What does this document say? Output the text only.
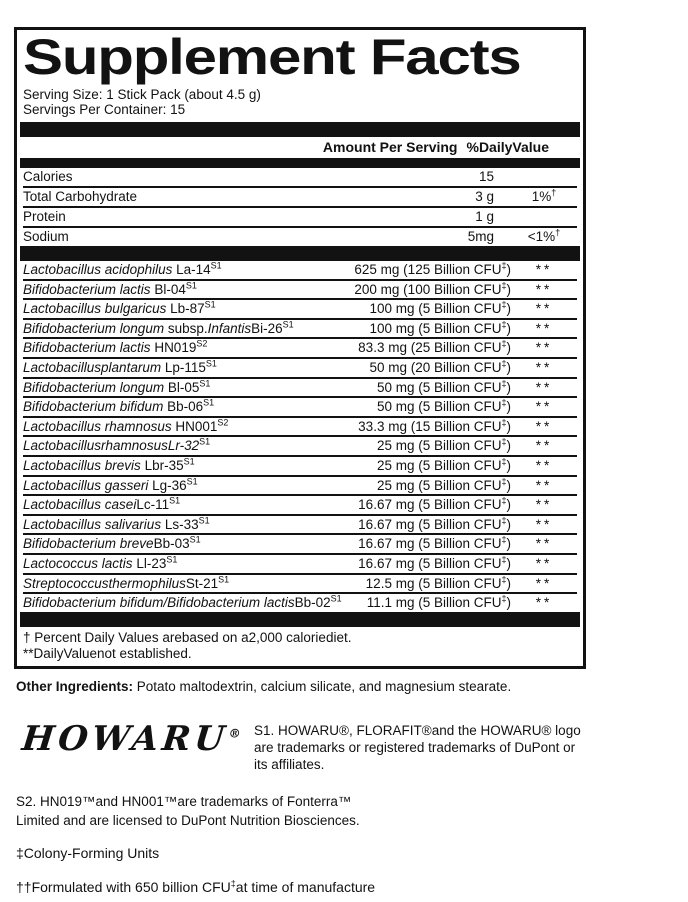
Supplement Facts
Serving Size: 1 Stick Pack (about 4.5 g)
Servings Per Container: 15
Amount Per Serving %DailyValue
Calories	15
Total Carbohydrate	3 g	1%†
Protein	1 g
Sodium	5mg	<1%†
Lactobacillus acidophilus $La-14^{S1}$	625 mg (125 Billion CFU‡)	**
Bifidobacterium lactis $Bl-04^{S1}$	200 mg (100 Billion CFU‡)	**
Lactobacillus bulgaricus $Lb-87^{S1}$	100 mg (5 Billion CFU‡)	**
Bifidobacterium longum $subsp.InfantisBi-26^{S1}$	100 mg (5 Billion CFU‡)	**
Bifidobacterium lactis $HN019^{S2}$	83.3 mg (25 Billion CFU‡)	**
Lactobacillusplantarum $Lp-115^{S1}$	50 mg (20 Billion CFU‡)	**
Bifidobacterium longum $Bl-05^{S1}$	50 mg (5 Billion CFU‡)	**
Bifidobacterium bifidum $Bb-06^{S1}$	50 mg (5 Billion CFU‡)	**
Lactobacillus rhamnosus $HN001^{S2}$	33.3 mg (15 Billion CFU‡)	**
LactobacillusrhamnosusLr-$32^{S1}$	25 mg (5 Billion CFU‡)	**
Lactobacillus brevis Lbr-$35^{S1}$	25 mg (5 Billion CFU‡)	**
Lactobacillus gasseri $Lg-36^{S1}$	25 mg (5 Billion CFU‡)	**
Lactobacillus caseiLc-$11^{S1}$	16.67 mg (5 Billion CFU‡)	**
Lactobacillus salivarius $Ls-33^{S1}$	16.67 mg (5 Billion CFU‡)	**
Bifidobacterium breveBb-$03^{S1}$	16.67 mg (5 Billion CFU‡)	**
Lactococcus lactis $Ll-23^{S1}$	16.67 mg (5 Billion CFU‡)	**
StreptococcusthermophilusSt-$21^{S1}$	12.5 mg (5 Billion CFU‡)	**
Bifidobacterium bifidum/Bifidobacterium lactisBb-$02^{S1}$	11.1 mg (5 Billion CFU‡)	**
† Percent Daily Values arebased on a2,000 caloriediet.
**DailyValuenot established.

Other Ingredients: Potato maltodextrin, calcium silicate, and magnesium stearate.

HOWARU® S1. HOWARU®, FLORAFIT®and the HOWARU® logo are trademarks or registered trademarks of DuPont or its affiliates.

S2. HN019™and HN001™are trademarks of Fonterra™
Limited and are licensed to DuPont Nutrition Biosciences.

‡Colony-Forming Units

††Formulated with 650 billion CFU‡at time of manufacture
